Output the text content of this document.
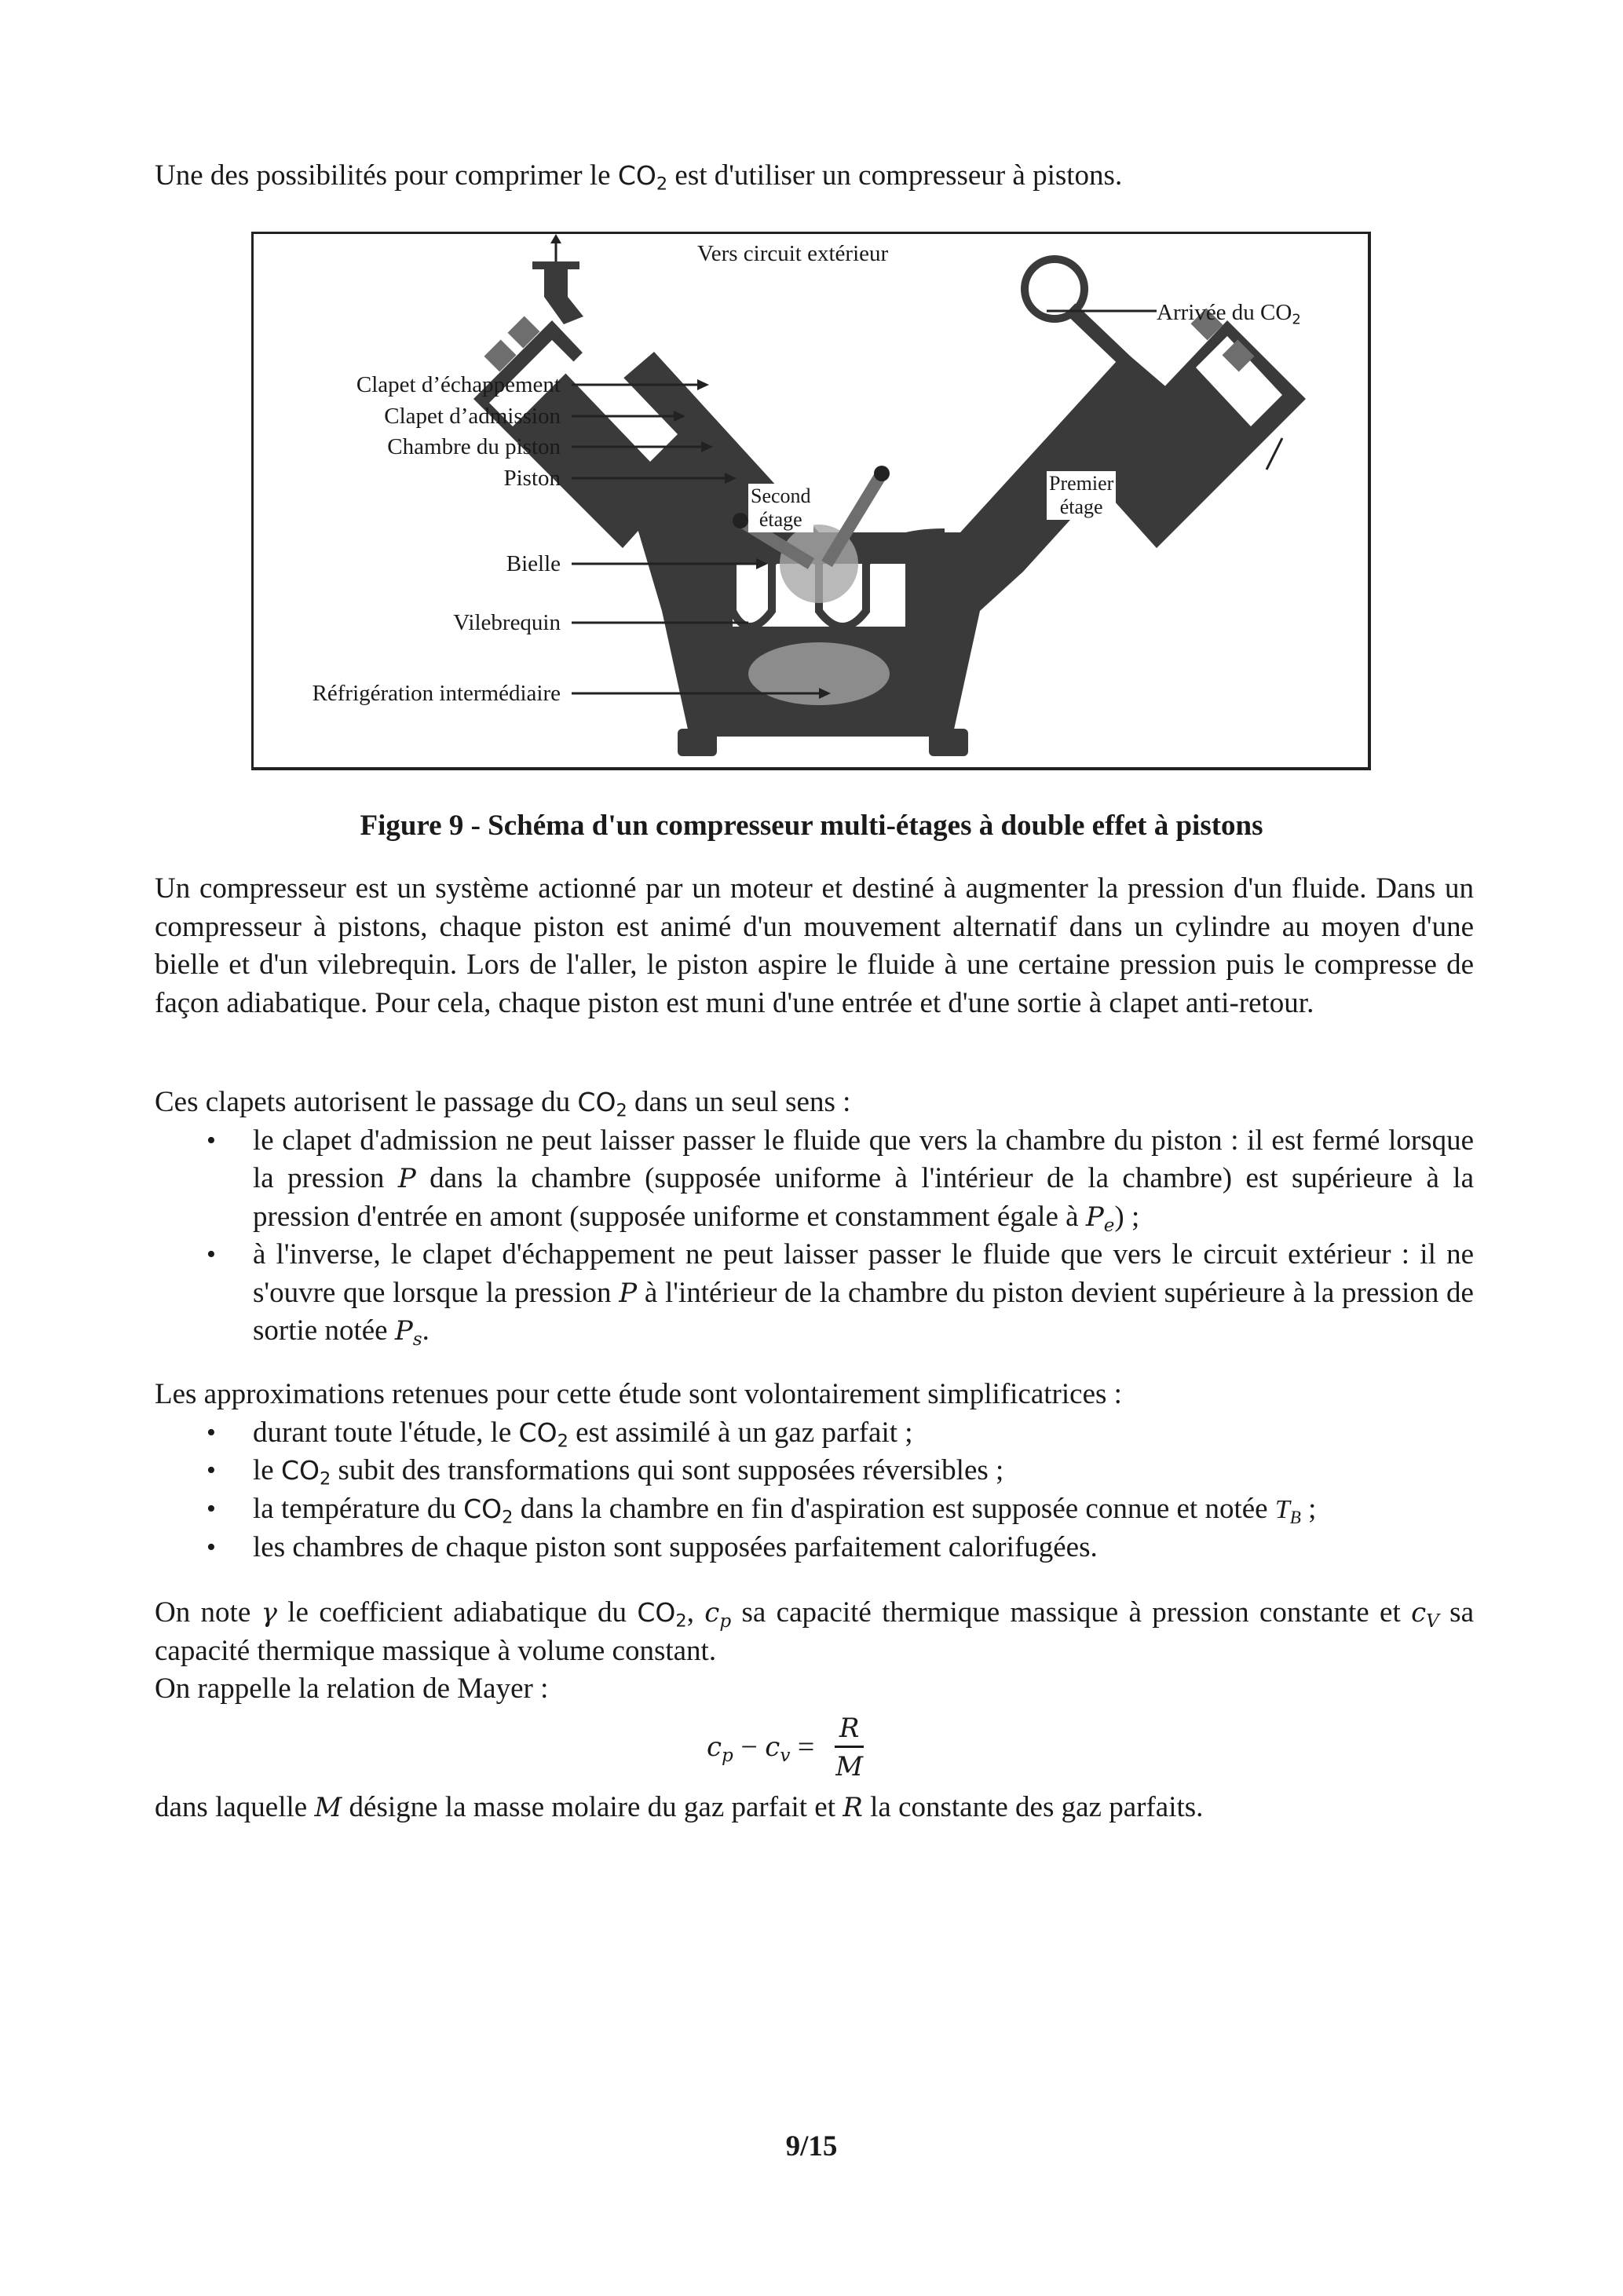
Une des possibilités pour comprimer le $CO_2$ est d'utiliser un compresseur à pistons.
Vers circuit extérieur
Arrivée du $CO_2$
Clapet d’échappement
Clapet d’admission
Chambre du piston
Piston
Bielle
Vilebrequin
Réfrigération intermédiaire
Second
étage
Premier
étage
Figure 9 - Schéma d'un compresseur multi-étages à double effet à pistons
Un compresseur est un système actionné par un moteur et destiné à augmenter la pression d'un fluide. Dans un compresseur à pistons, chaque piston est animé d'un mouvement alternatif dans un cylindre au moyen d'une bielle et d'un vilebrequin. Lors de l'aller, le piston aspire le fluide à une certaine pression puis le compresse de façon adiabatique. Pour cela, chaque piston est muni d'une entrée et d'une sortie à clapet anti-retour.
Ces clapets autorisent le passage du $CO_2$ dans un seul sens :
• le clapet d'admission ne peut laisser passer le fluide que vers la chambre du piston : il est fermé lorsque la pression P dans la chambre (supposée uniforme à l'intérieur de la chambre) est supérieure à la pression d'entrée en amont (supposée uniforme et constamment égale à $P_e$) ;
• à l'inverse, le clapet d'échappement ne peut laisser passer le fluide que vers le circuit extérieur : il ne s'ouvre que lorsque la pression P à l'intérieur de la chambre du piston devient supérieure à la pression de sortie notée $P_s$.
Les approximations retenues pour cette étude sont volontairement simplificatrices :
• durant toute l'étude, le $CO_2$ est assimilé à un gaz parfait ;
• le $CO_2$ subit des transformations qui sont supposées réversibles ;
• la température du $CO_2$ dans la chambre en fin d'aspiration est supposée connue et notée $T_B$ ;
• les chambres de chaque piston sont supposées parfaitement calorifugées.
On note γ le coefficient adiabatique du $CO_2$, $c_p$ sa capacité thermique massique à pression constante et $c_V$ sa capacité thermique massique à volume constant.
On rappelle la relation de Mayer :
$c_p - c_v = \frac{R}{M}$
dans laquelle M désigne la masse molaire du gaz parfait et R la constante des gaz parfaits.
9/15
